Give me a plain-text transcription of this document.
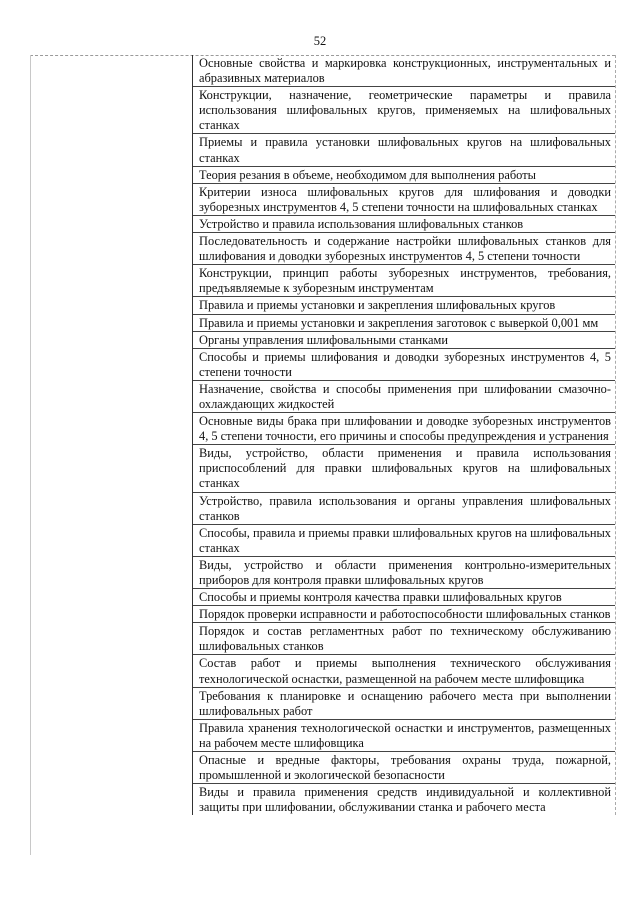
52
Основные свойства и маркировка конструкционных, инструментальных и абразивных материалов
Конструкции, назначение, геометрические параметры и правила использования шлифовальных кругов, применяемых на шлифовальных станках
Приемы и правила установки шлифовальных кругов на шлифовальных станках
Теория резания в объеме, необходимом для выполнения работы
Критерии износа шлифовальных кругов для шлифования и доводки зуборезных инструментов 4, 5 степени точности на шлифовальных станках
Устройство и правила использования шлифовальных станков
Последовательность и содержание настройки шлифовальных станков для шлифования и доводки зуборезных инструментов 4, 5 степени точности
Конструкции, принцип работы зуборезных инструментов, требования, предъявляемые к зуборезным инструментам
Правила и приемы установки и закрепления шлифовальных кругов
Правила и приемы установки и закрепления заготовок с выверкой 0,001 мм
Органы управления шлифовальными станками
Способы и приемы шлифования и доводки зуборезных инструментов 4, 5 степени точности
Назначение, свойства и способы применения при шлифовании смазочно-охлаждающих жидкостей
Основные виды брака при шлифовании и доводке зуборезных инструментов 4, 5 степени точности, его причины и способы предупреждения и устранения
Виды, устройство, области применения и правила использования приспособлений для правки шлифовальных кругов на шлифовальных станках
Устройство, правила использования и органы управления шлифовальных станков
Способы, правила и приемы правки шлифовальных кругов на шлифовальных станках
Виды, устройство и области применения контрольно-измерительных приборов для контроля правки шлифовальных кругов
Способы и приемы контроля качества правки шлифовальных кругов
Порядок проверки исправности и работоспособности шлифовальных станков
Порядок и состав регламентных работ по техническому обслуживанию шлифовальных станков
Состав работ и приемы выполнения технического обслуживания технологической оснастки, размещенной на рабочем месте шлифовщика
Требования к планировке и оснащению рабочего места при выполнении шлифовальных работ
Правила хранения технологической оснастки и инструментов, размещенных на рабочем месте шлифовщика
Опасные и вредные факторы, требования охраны труда, пожарной, промышленной и экологической безопасности
Виды и правила применения средств индивидуальной и коллективной защиты при шлифовании, обслуживании станка и рабочего места
